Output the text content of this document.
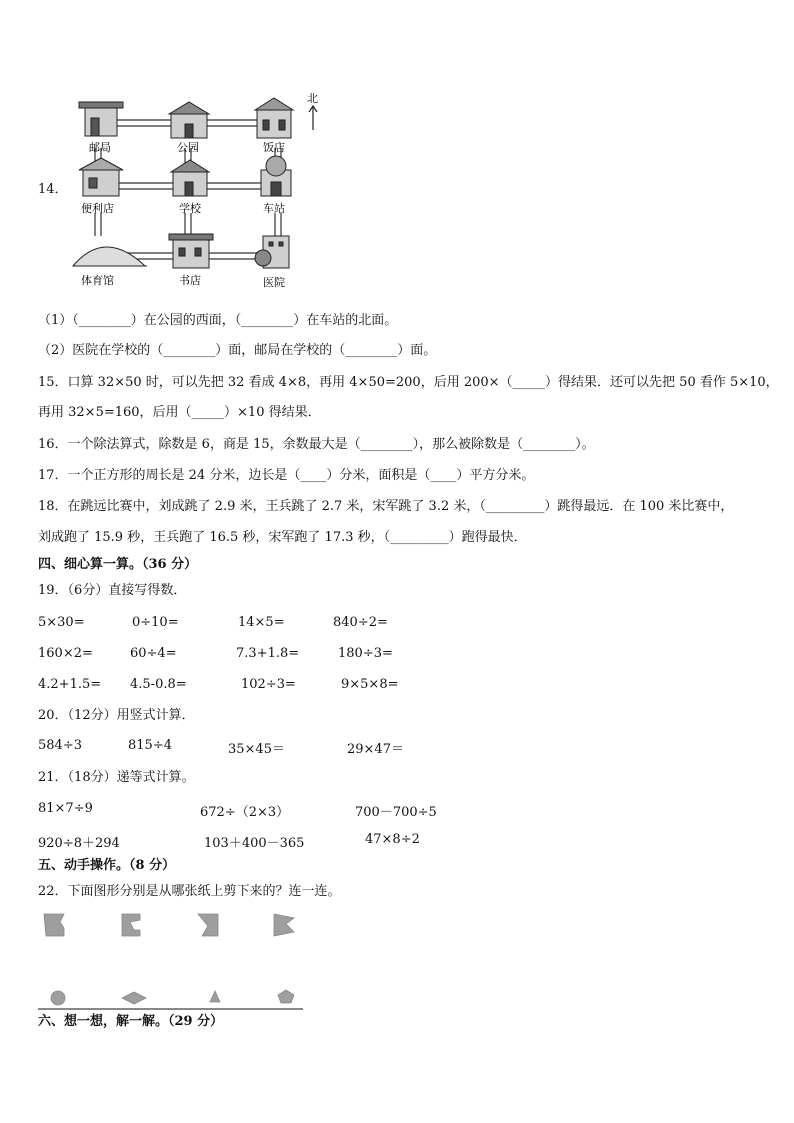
14．
北
邮局	公园	饭店
便利店	学校	车站
体育馆	书店	医院
（1）（________）在公园的西面，（________）在车站的北面。
（2）医院在学校的（________）面，邮局在学校的（________）面。
15．口算 32×50 时，可以先把 32 看成 4×8，再用 4×50=200，后用 200×（_____）得结果．还可以先把 50 看作 5×10，
再用 32×5=160，后用（_____）×10 得结果．
16．一个除法算式，除数是 6，商是 15，余数最大是（________），那么被除数是（________）。
17．一个正方形的周长是 24 分米，边长是（____）分米，面积是（____）平方分米。
18．在跳远比赛中，刘成跳了 2.9 米，王兵跳了 2.7 米，宋军跳了 3.2 米，（_________）跳得最远．在 100 米比赛中，
刘成跑了 15.9 秒，王兵跑了 16.5 秒，宋军跑了 17.3 秒，（_________）跑得最快．
四、细心算一算。（36 分）
19．（6分）直接写得数．
5×30=	0÷10=	14×5=	840÷2=
160×2=	60÷4=	7.3+1.8=	180÷3=
4.2+1.5= 4.5-0.8=	102÷3=	9×5×8=
20．（12分）用竖式计算．
584÷3	815÷4	35×45＝	29×47＝
21．（18分）递等式计算。
81×7÷9	672÷（2×3）	700－700÷5
920÷8＋294	103＋400－365	47×8÷2
五、动手操作。（8 分）
22．下面图形分别是从哪张纸上剪下来的？连一连。
六、想一想，解一解。（29 分）
